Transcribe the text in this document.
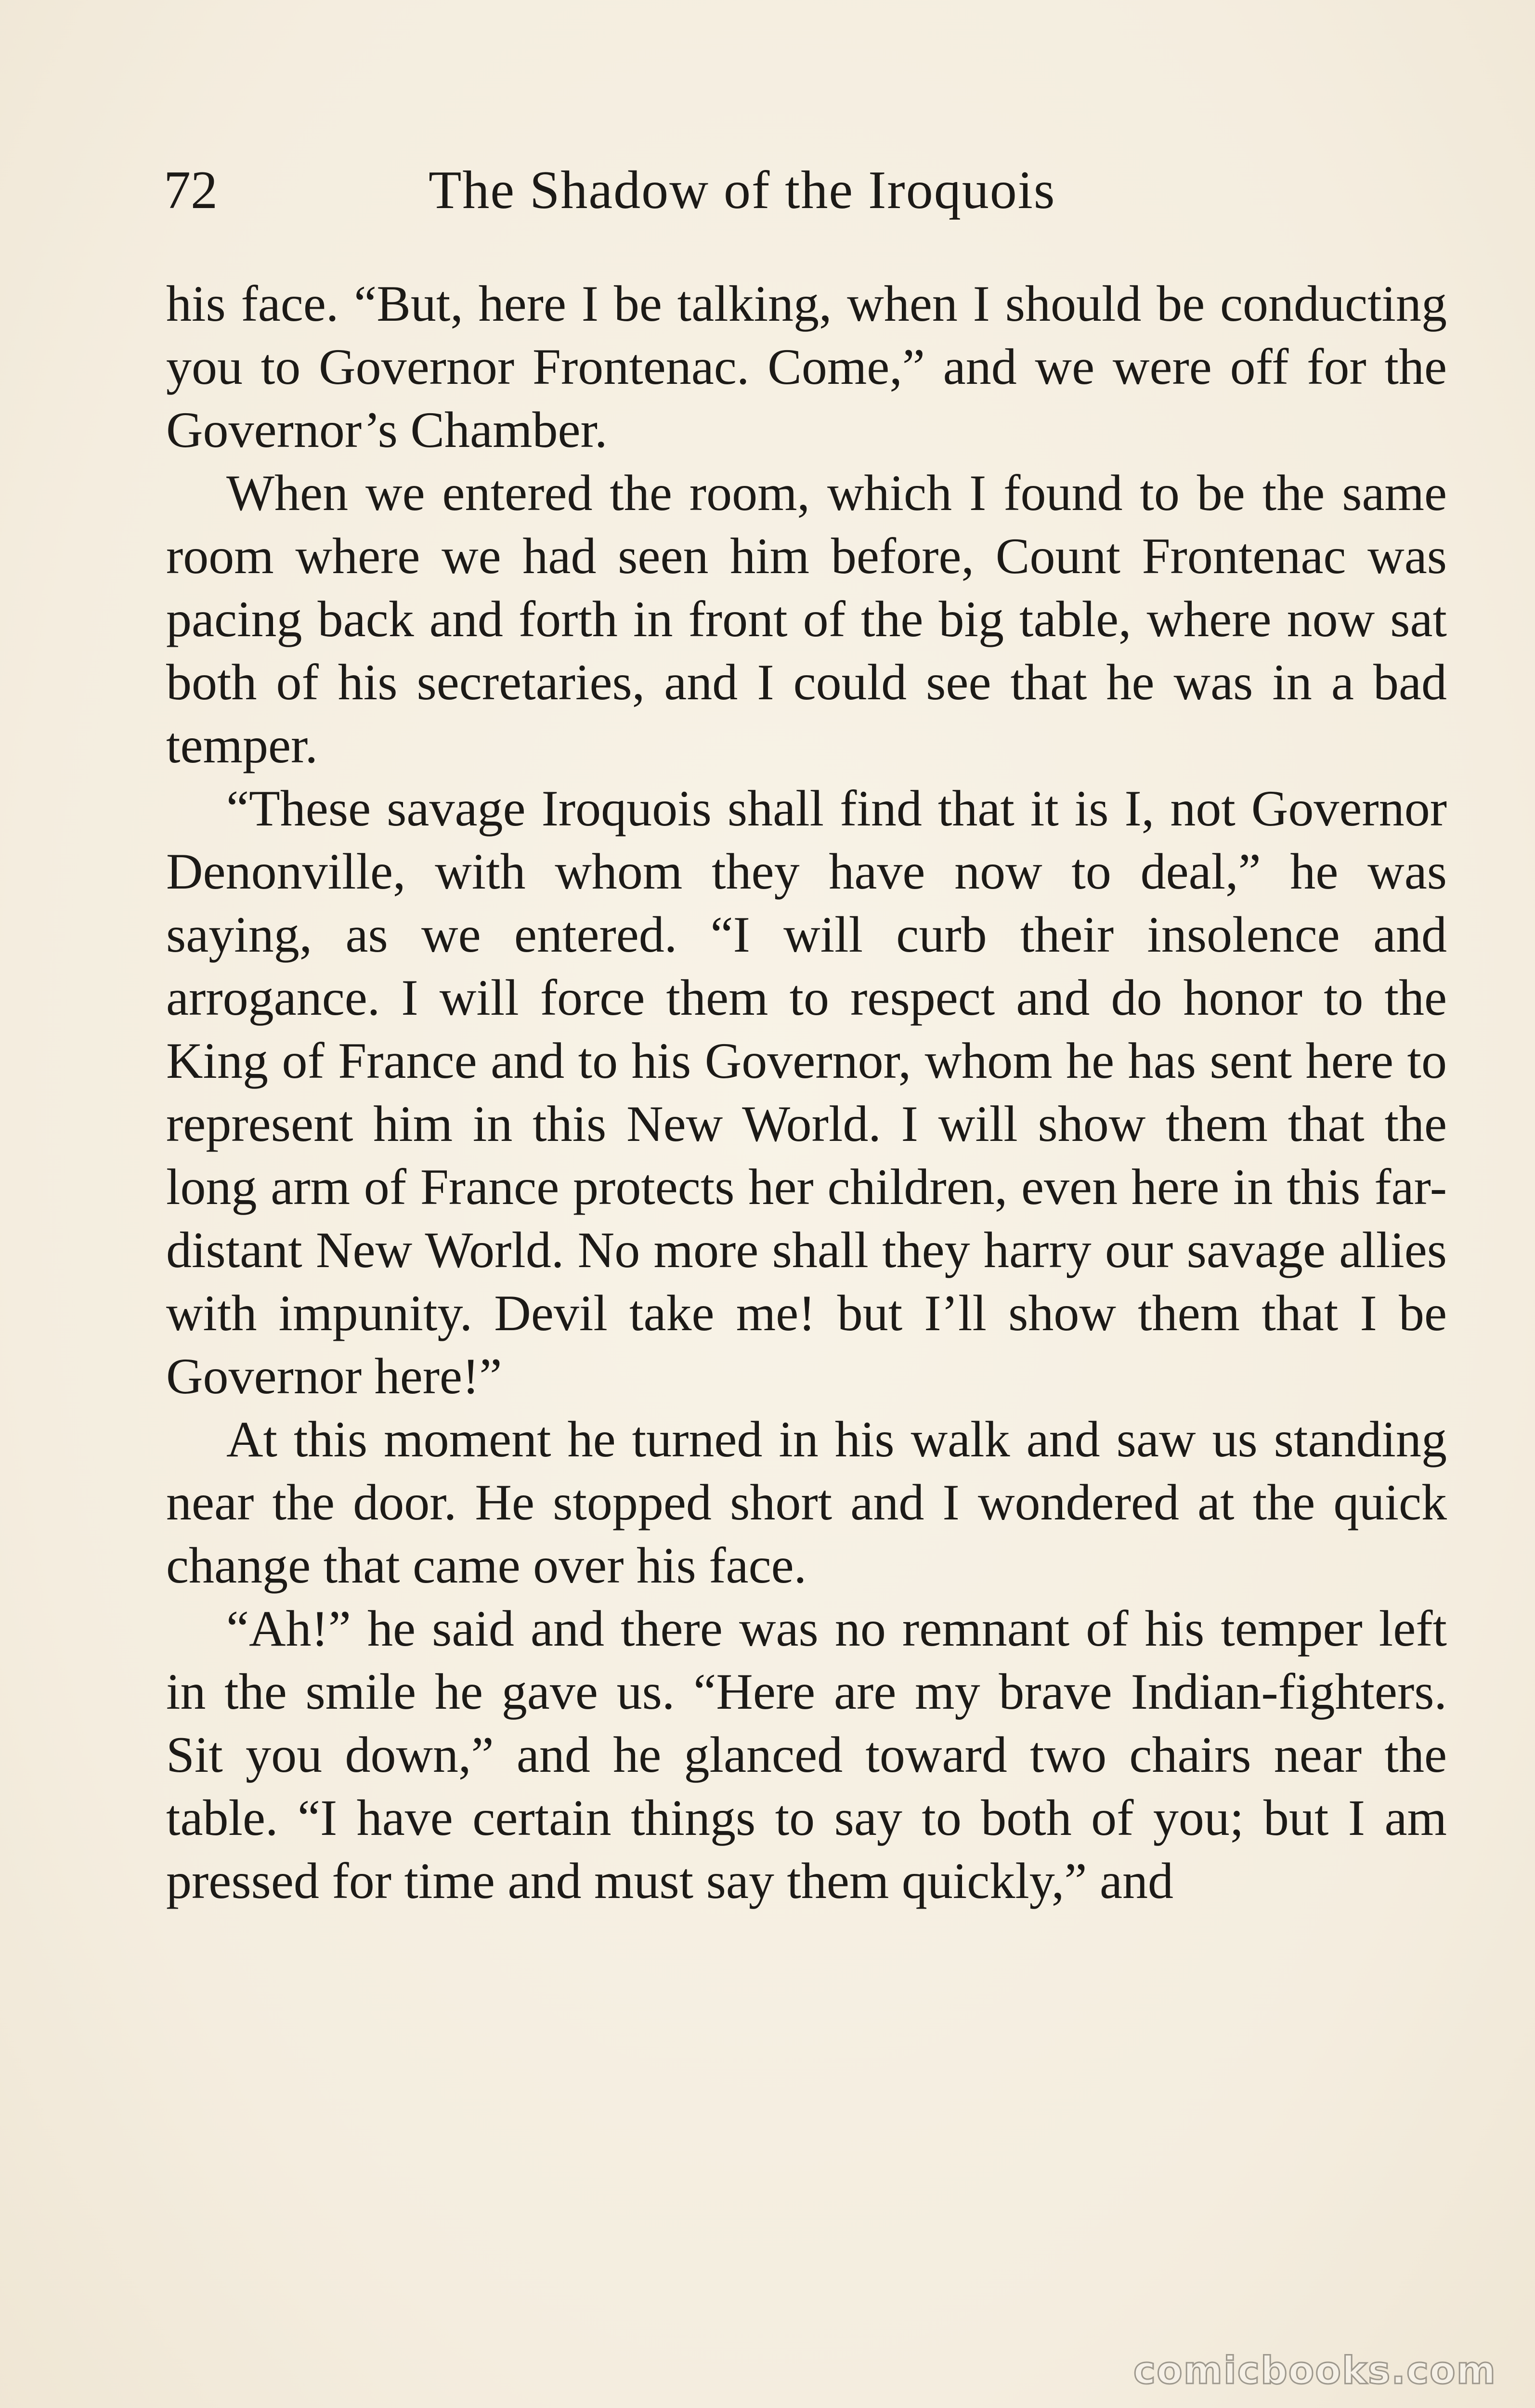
72	The Shadow of the Iroquois

his face. “But, here I be talking, when I should be conducting you to Governor Frontenac. Come,” and we were off for the Governor’s Chamber.

When we entered the room, which I found to be the same room where we had seen him before, Count Frontenac was pacing back and forth in front of the big table, where now sat both of his secretaries, and I could see that he was in a bad temper.

“These savage Iroquois shall find that it is I, not Governor Denonville, with whom they have now to deal,” he was saying, as we entered. “I will curb their insolence and arrogance. I will force them to respect and do honor to the King of France and to his Governor, whom he has sent here to represent him in this New World. I will show them that the long arm of France protects her children, even here in this far-distant New World. No more shall they harry our savage allies with impunity. Devil take me! but I’ll show them that I be Governor here!”

At this moment he turned in his walk and saw us standing near the door. He stopped short and I wondered at the quick change that came over his face.

“Ah!” he said and there was no remnant of his temper left in the smile he gave us. “Here are my brave Indian-fighters. Sit you down,” and he glanced toward two chairs near the table. “I have certain things to say to both of you; but I am pressed for time and must say them quickly,” and

comicbooks.com
